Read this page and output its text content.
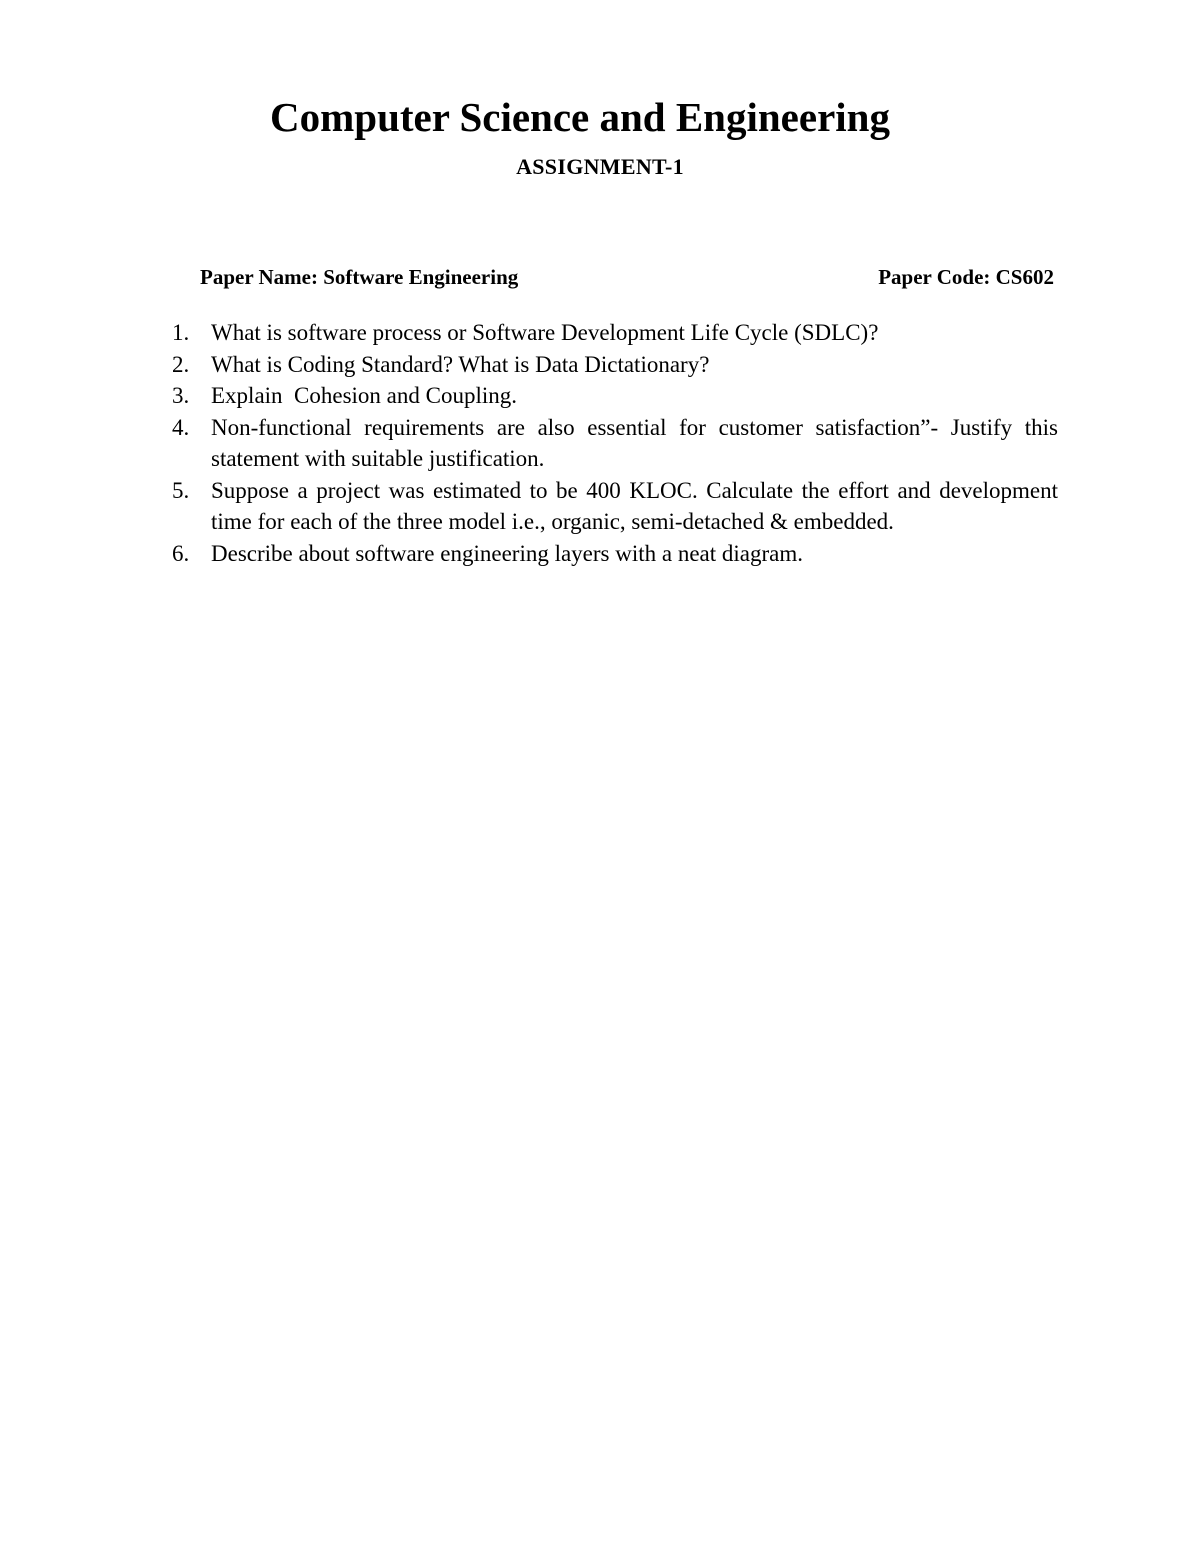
Computer Science and Engineering
ASSIGNMENT-1
Paper Name: Software Engineering	Paper Code: CS602
1. What is software process or Software Development Life Cycle (SDLC)?
2. What is Coding Standard? What is Data Dictationary?
3. Explain  Cohesion and Coupling.
4. Non-functional requirements are also essential for customer satisfaction”- Justify this statement with suitable justification.
5. Suppose a project was estimated to be 400 KLOC. Calculate the effort and development time for each of the three model i.e., organic, semi-detached & embedded.
6. Describe about software engineering layers with a neat diagram.
